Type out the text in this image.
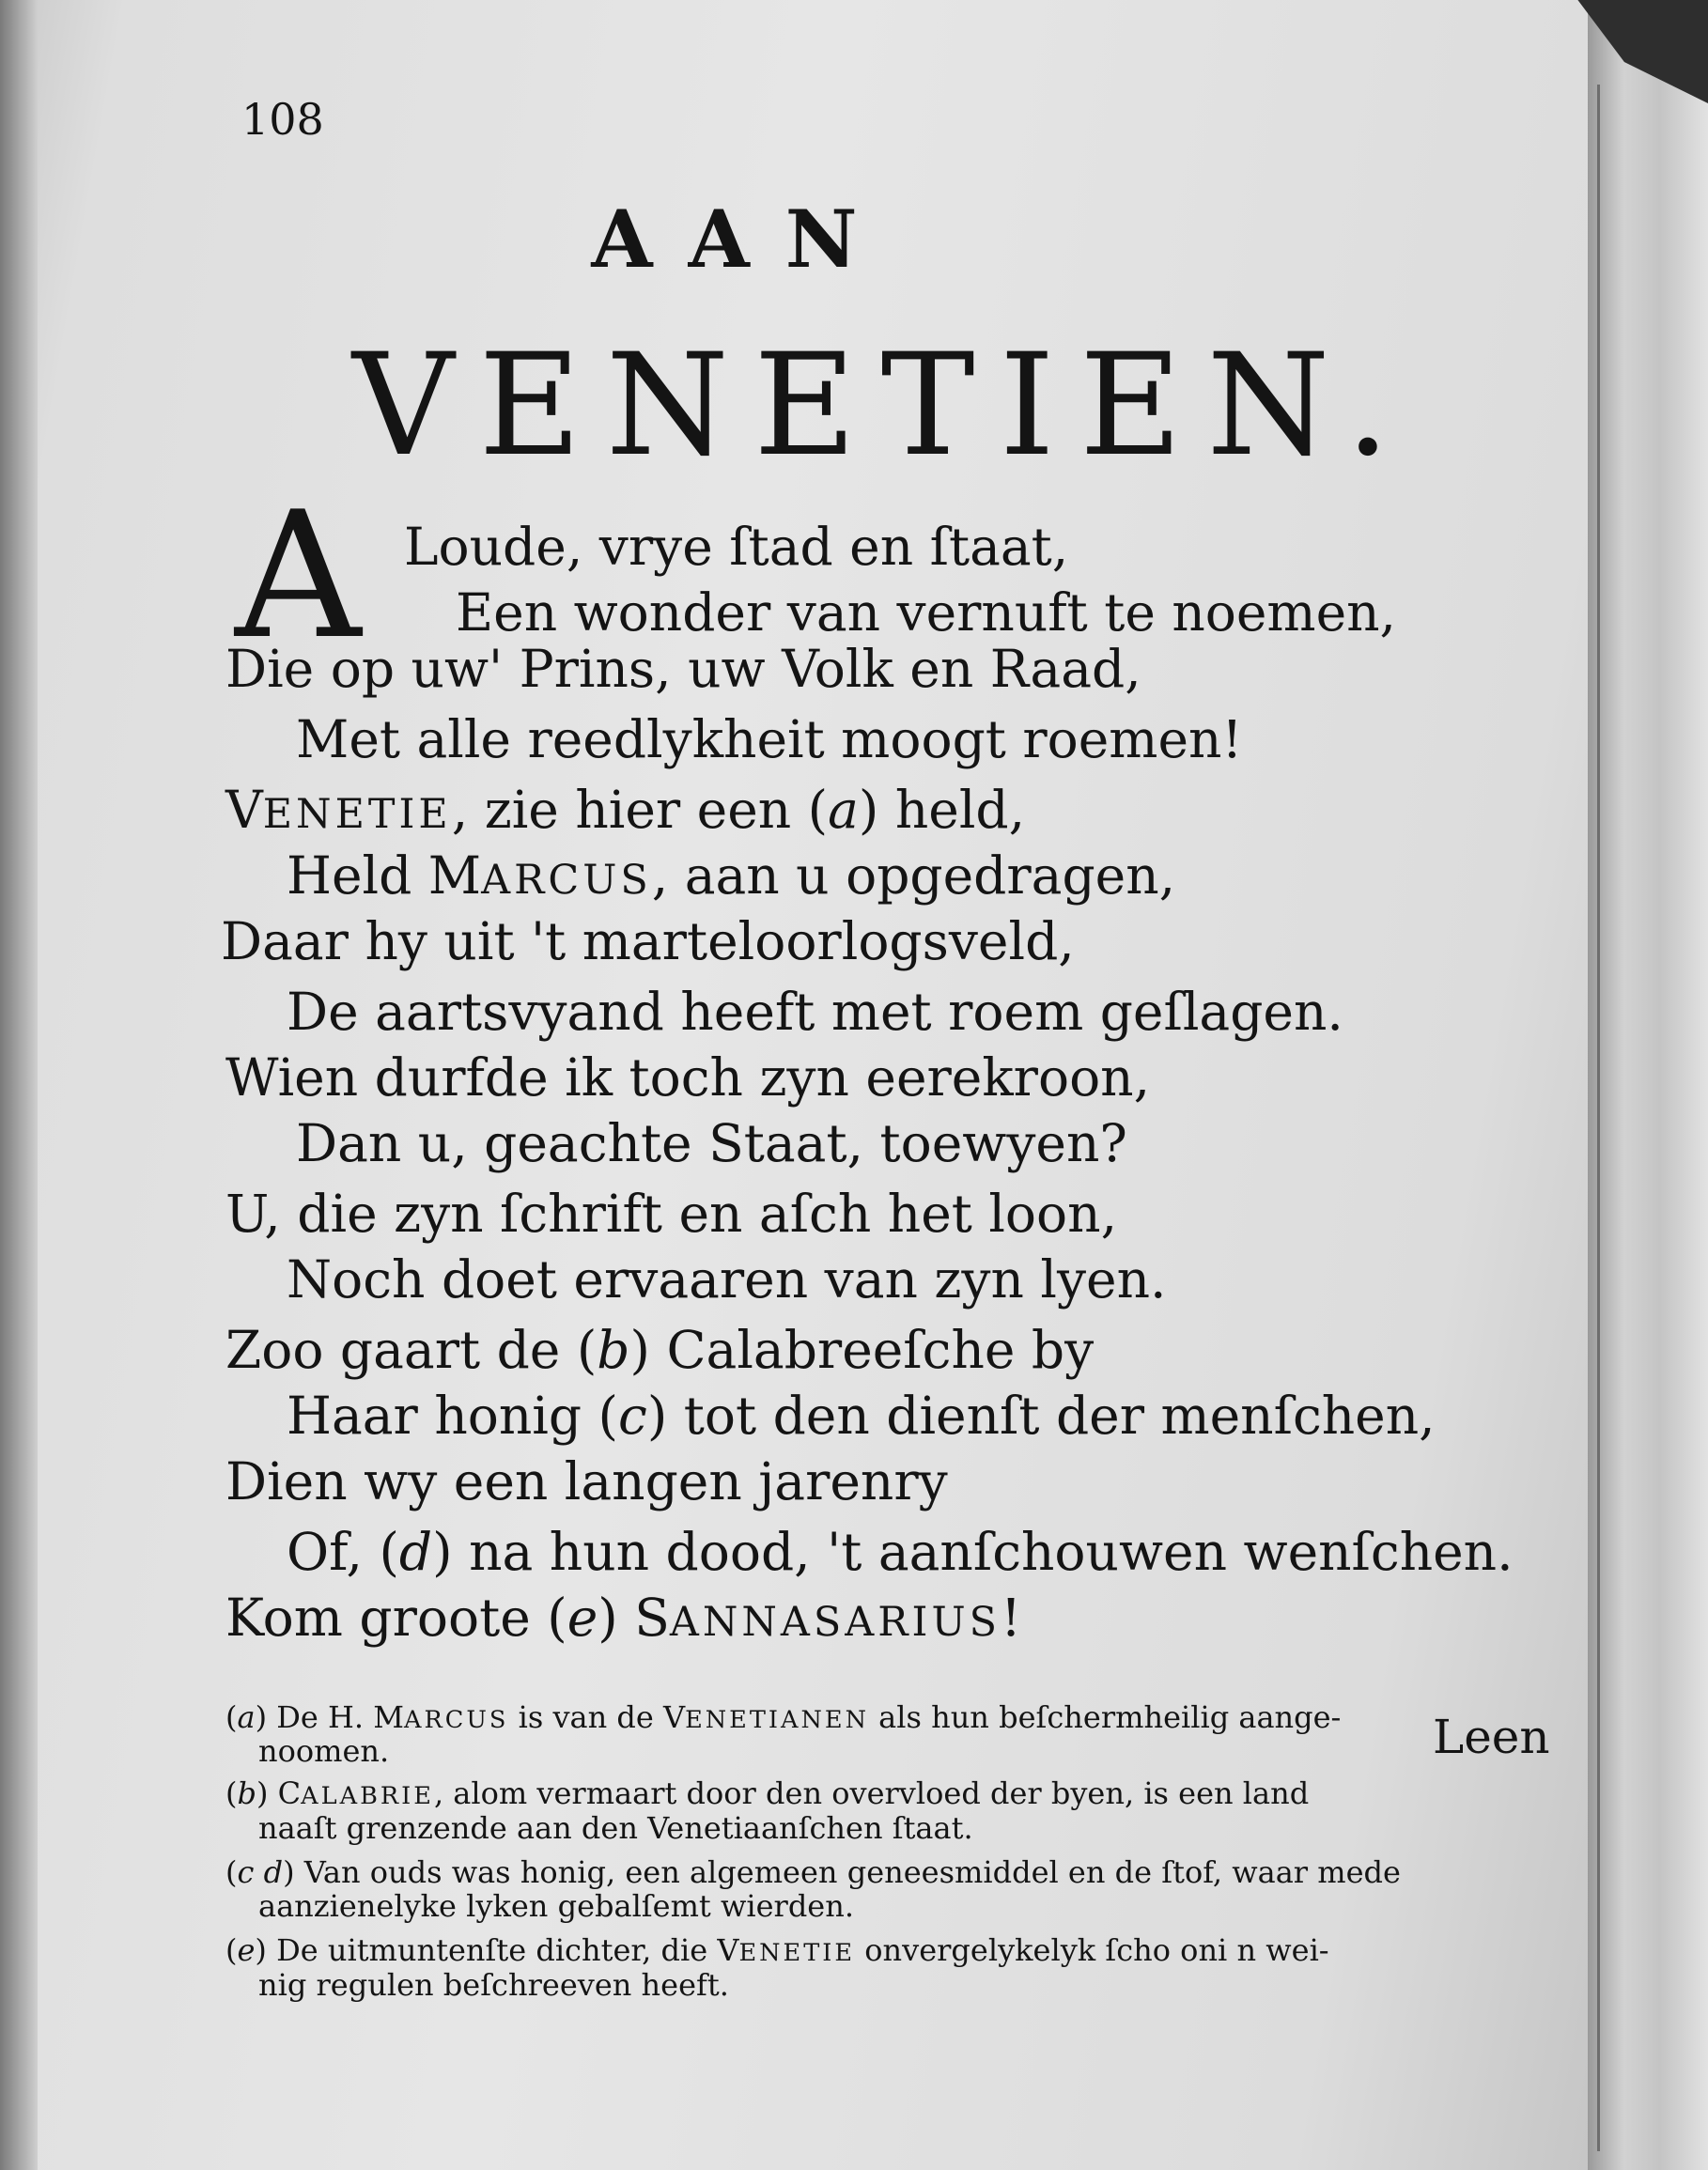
108
AAN
VENETIEN.
A Loude, vrye ſtad en ſtaat,
Een wonder van vernuft te noemen,
Die op uw' Prins, uw Volk en Raad,
Met alle reedlykheit moogt roemen!
VENETIE, zie hier een (a) held,
Held MARCUS, aan u opgedragen,
Daar hy uit 't marteloorlogsveld,
De aartsvyand heeft met roem geſlagen.
Wien durfde ik toch zyn eerekroon,
Dan u, geachte Staat, toewyen?
U, die zyn ſchrift en aſch het loon,
Noch doet ervaaren van zyn lyen.
Zoo gaart de (b) Calabreeſche by
Haar honig (c) tot den dienſt der menſchen,
Dien wy een langen jarenry
Of, (d) na hun dood, 't aanſchouwen wenſchen.
Kom groote (e) SANNASARIUS!
(a) De H. MARCUS is van de VENETIANEN als hun beſchermheilig aange-
noomen.
(b) CALABRIE, alom vermaart door den overvloed der byen, is een land
naaſt grenzende aan den Venetiaanſchen ſtaat.
(c d) Van ouds was honig, een algemeen geneesmiddel en de ſtof, waar mede
aanzienelyke lyken gebalſemt wierden.
(e) De uitmuntenſte dichter, die VENETIE onvergelykelyk ſcho oni n wei-
nig regulen beſchreeven heeft.
Leen
